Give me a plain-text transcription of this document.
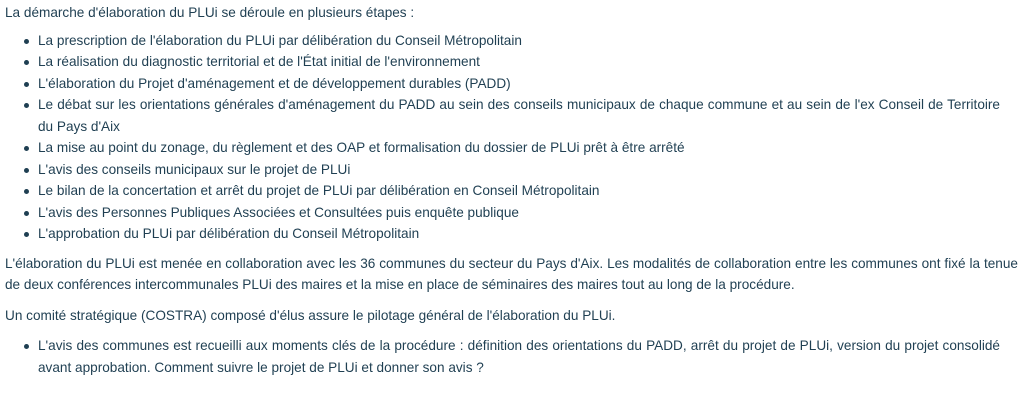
La démarche d'élaboration du PLUi se déroule en plusieurs étapes :

La prescription de l'élaboration du PLUi par délibération du Conseil Métropolitain
La réalisation du diagnostic territorial et de l'État initial de l'environnement
L'élaboration du Projet d'aménagement et de développement durables (PADD)
Le débat sur les orientations générales d'aménagement du PADD au sein des conseils municipaux de chaque commune et au sein de l'ex Conseil de Territoire du Pays d'Aix
La mise au point du zonage, du règlement et des OAP et formalisation du dossier de PLUi prêt à être arrêté
L'avis des conseils municipaux sur le projet de PLUi
Le bilan de la concertation et arrêt du projet de PLUi par délibération en Conseil Métropolitain
L'avis des Personnes Publiques Associées et Consultées puis enquête publique
L'approbation du PLUi par délibération du Conseil Métropolitain

L'élaboration du PLUi est menée en collaboration avec les 36 communes du secteur du Pays d'Aix. Les modalités de collaboration entre les communes ont fixé la tenue de deux conférences intercommunales PLUi des maires et la mise en place de séminaires des maires tout au long de la procédure.

Un comité stratégique (COSTRA) composé d'élus assure le pilotage général de l'élaboration du PLUi.

L'avis des communes est recueilli aux moments clés de la procédure : définition des orientations du PADD, arrêt du projet de PLUi, version du projet consolidé avant approbation. Comment suivre le projet de PLUi et donner son avis ?
